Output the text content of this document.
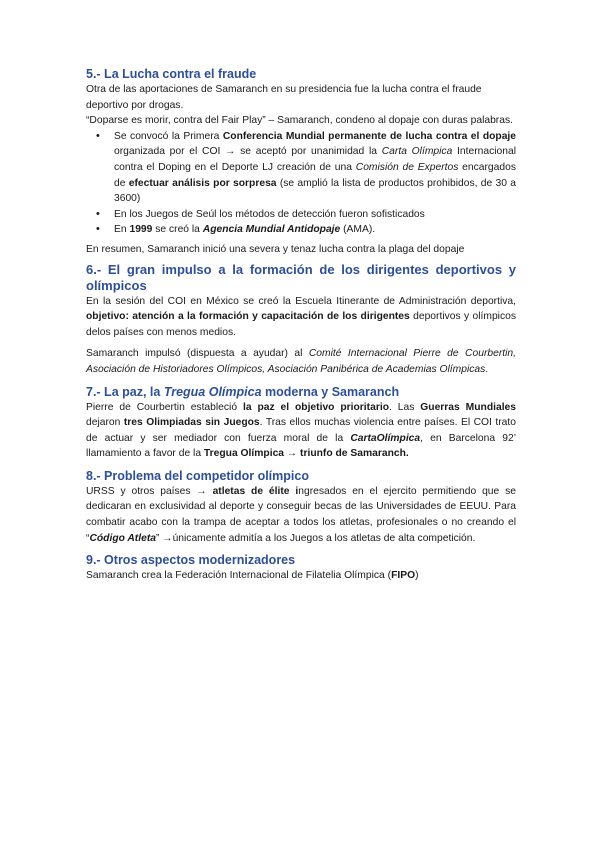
5.- La Lucha contra el fraude

Otra de las aportaciones de Samaranch en su presidencia fue la lucha contra el fraude deportivo por drogas.

“Doparse es morir, contra del Fair Play” – Samaranch, condeno al dopaje con duras palabras.

• Se convocó la Primera Conferencia Mundial permanente de lucha contra el dopaje organizada por el COI → se aceptó por unanimidad la Carta Olímpica Internacional contra el Doping en el Deporte LJ creación de una Comisión de Expertos encargados de efectuar análisis por sorpresa (se amplió la lista de productos prohibidos, de 30 a 3600)
• En los Juegos de Seúl los métodos de detección fueron sofisticados
• En 1999 se creó la Agencia Mundial Antidopaje (AMA).

En resumen, Samaranch inició una severa y tenaz lucha contra la plaga del dopaje

6.- El gran impulso a la formación de los dirigentes deportivos y olímpicos

En la sesión del COI en México se creó la Escuela Itinerante de Administración deportiva, objetivo: atención a la formación y capacitación de los dirigentes deportivos y olímpicos delos países con menos medios.

Samaranch impulsó (dispuesta a ayudar) al Comité Internacional Pierre de Courbertin, Asociación de Historiadores Olímpicos, Asociación Panibérica de Academias Olímpicas.

7.- La paz, la Tregua Olímpica moderna y Samaranch

Pierre de Courbertin estableció la paz el objetivo prioritario. Las Guerras Mundiales dejaron tres Olimpiadas sin Juegos. Tras ellos muchas violencia entre países. El COI trato de actuar y ser mediador con fuerza moral de la CartaOlímpica, en Barcelona 92’ llamamiento a favor de la Tregua Olímpica → triunfo de Samaranch.

8.- Problema del competidor olímpico

URSS y otros países → atletas de élite ingresados en el ejercito permitiendo que se dedicaran en exclusividad al deporte y conseguir becas de las Universidades de EEUU. Para combatir acabo con la trampa de aceptar a todos los atletas, profesionales o no creando el “Código Atleta” →únicamente admitía a los Juegos a los atletas de alta competición.

9.- Otros aspectos modernizadores

Samaranch crea la Federación Internacional de Filatelia Olímpica (FIPO)
